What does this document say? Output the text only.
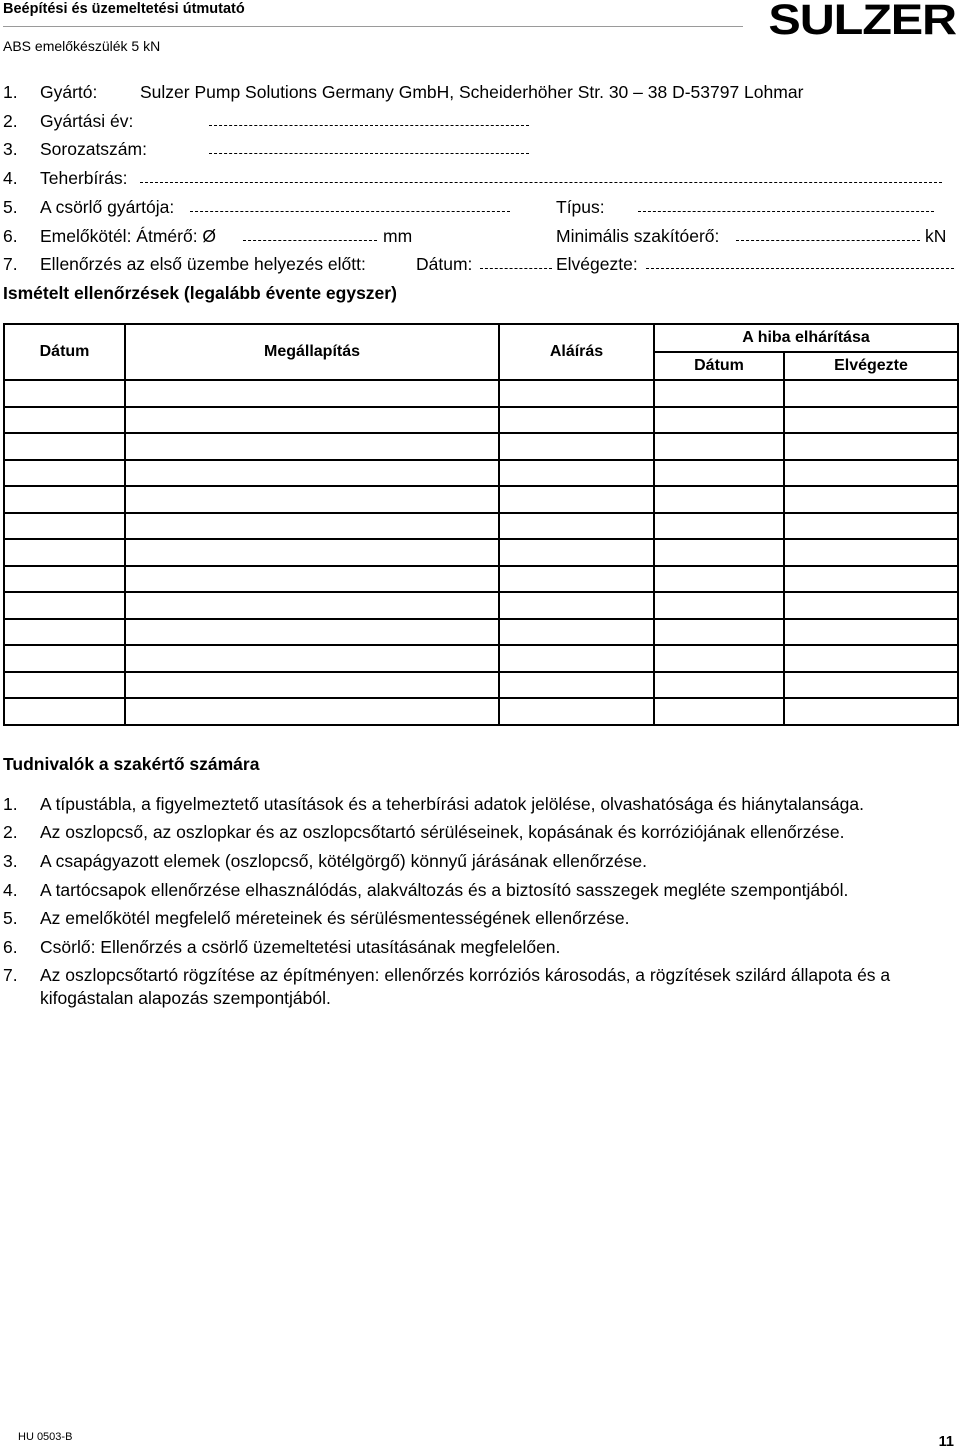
Beépítési és üzemeltetési útmutató
ABS emelőkészülék 5 kN
SULZER
1. Gyártó: Sulzer Pump Solutions Germany GmbH, Scheiderhöher Str. 30 – 38 D-53797 Lohmar
2. Gyártási év:
3. Sorozatszám:
4. Teherbírás:
5. A csörlő gyártója:	Típus:
6. Emelőkötél: Átmérő: Ø	mm	Minimális szakítóerő:	kN
7. Ellenőrzés az első üzembe helyezés előtt:	Dátum:	Elvégezte:
Ismételt ellenőrzések (legalább évente egyszer)
Dátum	Megállapítás	Aláírás	A hiba elhárítása	
			Dátum	Elvégezte

Tudnivalók a szakértő számára
1. A típustábla, a figyelmeztető utasítások és a teherbírási adatok jelölése, olvashatósága és hiánytalansága.
2. Az oszlopcső, az oszlopkar és az oszlopcsőtartó sérüléseinek, kopásának és korróziójának ellenőrzése.
3. A csapágyazott elemek (oszlopcső, kötélgörgő) könnyű járásának ellenőrzése.
4. A tartócsapok ellenőrzése elhasználódás, alakváltozás és a biztosító sasszegek megléte szempontjából.
5. Az emelőkötél megfelelő méreteinek és sérülésmentességének ellenőrzése.
6. Csörlő: Ellenőrzés a csörlő üzemeltetési utasításának megfelelően.
7. Az oszlopcsőtartó rögzítése az építményen: ellenőrzés korróziós károsodás, a rögzítések szilárd állapota és a kifogástalan alapozás szempontjából.
HU 0503-B	11
